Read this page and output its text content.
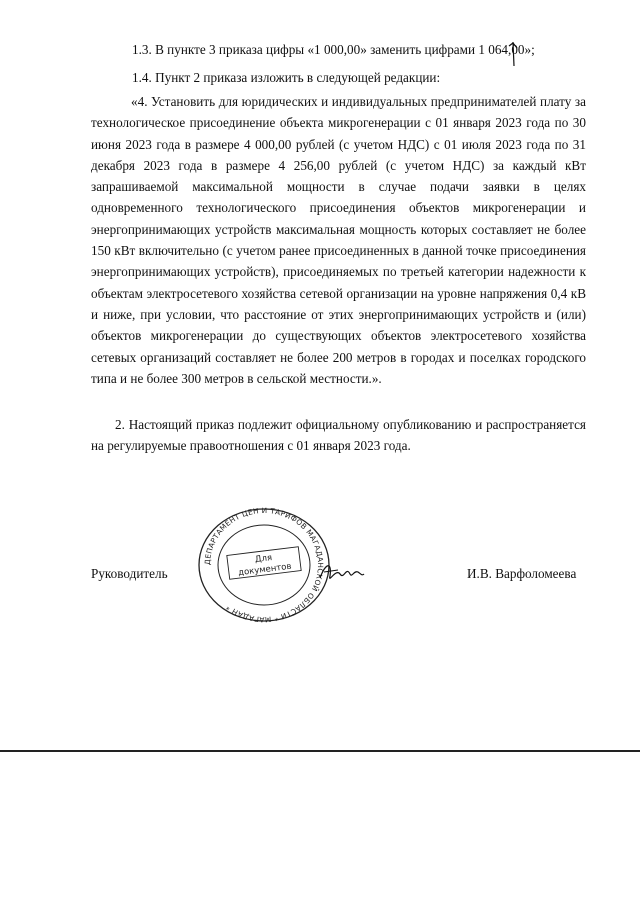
1.3. В пункте 3 приказа цифры «1 000,00» заменить цифрами 1 064,00»;
1.4. Пункт 2 приказа изложить в следующей редакции:
«4. Установить для юридических и индивидуальных предпринимателей плату за технологическое присоединение объекта микрогенерации с 01 января 2023 года по 30 июня 2023 года в размере 4 000,00 рублей (с учетом НДС) с 01 июля 2023 года по 31 декабря 2023 года в размере 4 256,00 рублей (с учетом НДС) за каждый кВт запрашиваемой максимальной мощности в случае подачи заявки в целях одновременного технологического присоединения объектов микрогенерации и энергопринимающих устройств максимальная мощность которых составляет не более 150 кВт включительно (с учетом ранее присоединенных в данной точке присоединения энергопринимающих устройств), присоединяемых по третьей категории надежности к объектам электросетевого хозяйства сетевой организации на уровне напряжения 0,4 кВ и ниже, при условии, что расстояние от этих энергопринимающих устройств и (или) объектов микрогенерации до существующих объектов электросетевого хозяйства сетевых организаций составляет не более 200 метров в городах и поселках городского типа и не более 300 метров в сельской местности.».
2. Настоящий приказ подлежит официальному опубликованию и распространяется на регулируемые правоотношения с 01 января 2023 года.
Руководитель
ДЕПАРТАМЕНТ ЦЕН И ТАРИФОВ МАГАДАНСКОЙ ОБЛАСТИ * МАГАДАН *
Для
документов	И.В. Варфоломеева
